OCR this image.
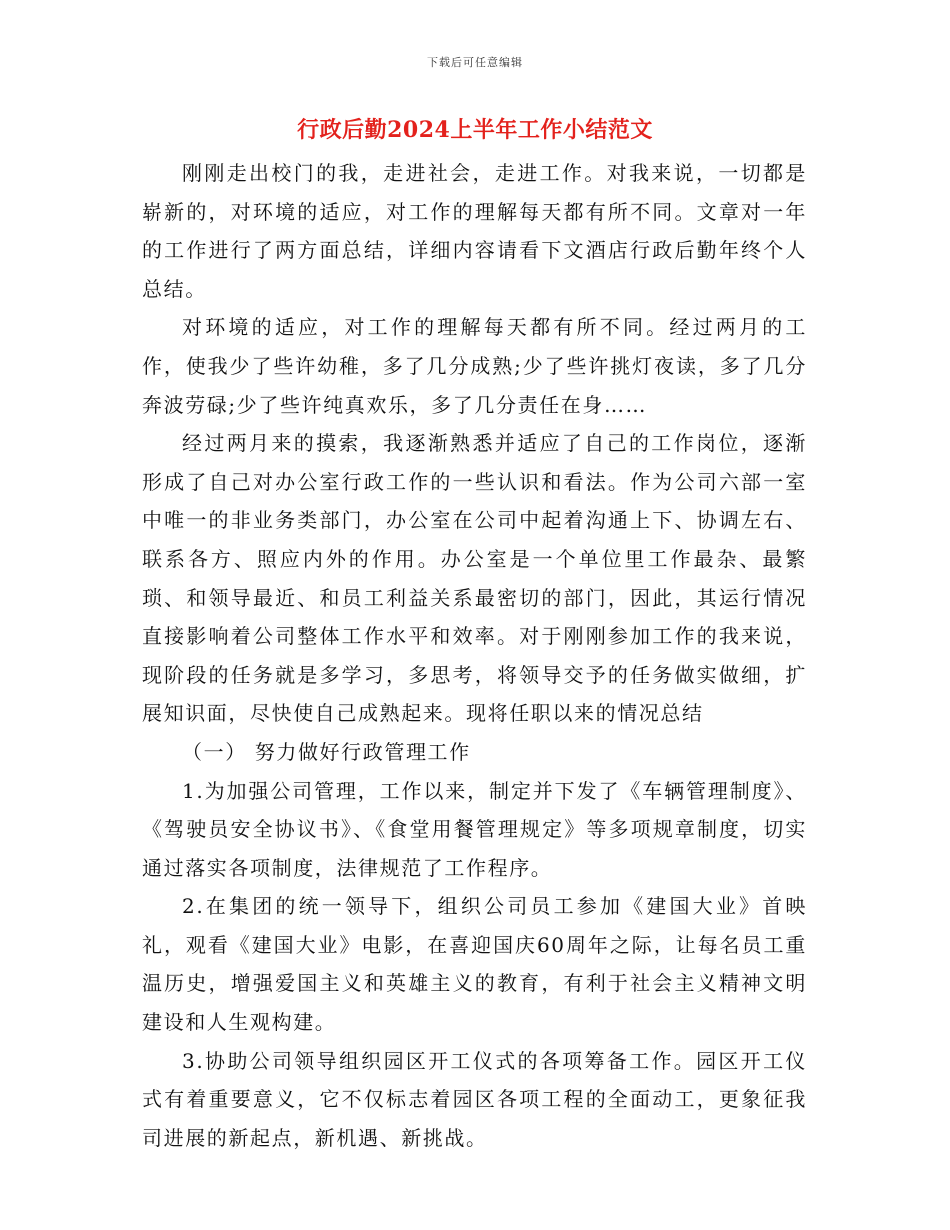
下载后可任意编辑
行政后勤2024上半年工作小结范文

刚刚走出校门的我，走进社会，走进工作。对我来说，一切都是崭新的，对环境的适应，对工作的理解每天都有所不同。文章对一年的工作进行了两方面总结，详细内容请看下文酒店行政后勤年终个人总结。

对环境的适应，对工作的理解每天都有所不同。经过两月的工作，使我少了些许幼稚，多了几分成熟;少了些许挑灯夜读，多了几分奔波劳碌;少了些许纯真欢乐，多了几分责任在身……

经过两月来的摸索，我逐渐熟悉并适应了自己的工作岗位，逐渐形成了自己对办公室行政工作的一些认识和看法。作为公司六部一室中唯一的非业务类部门，办公室在公司中起着沟通上下、协调左右、联系各方、照应内外的作用。办公室是一个单位里工作最杂、最繁琐、和领导最近、和员工利益关系最密切的部门，因此，其运行情况直接影响着公司整体工作水平和效率。对于刚刚参加工作的我来说，现阶段的任务就是多学习，多思考，将领导交予的任务做实做细，扩展知识面，尽快使自己成熟起来。现将任职以来的情况总结

（一） 努力做好行政管理工作

1.为加强公司管理，工作以来，制定并下发了《车辆管理制度》、《驾驶员安全协议书》、《食堂用餐管理规定》等多项规章制度，切实通过落实各项制度，法律规范了工作程序。

2.在集团的统一领导下，组织公司员工参加《建国大业》首映礼，观看《建国大业》电影，在喜迎国庆60周年之际，让每名员工重温历史，增强爱国主义和英雄主义的教育，有利于社会主义精神文明建设和人生观构建。

3.协助公司领导组织园区开工仪式的各项筹备工作。园区开工仪式有着重要意义，它不仅标志着园区各项工程的全面动工，更象征我司进展的新起点，新机遇、新挑战。
